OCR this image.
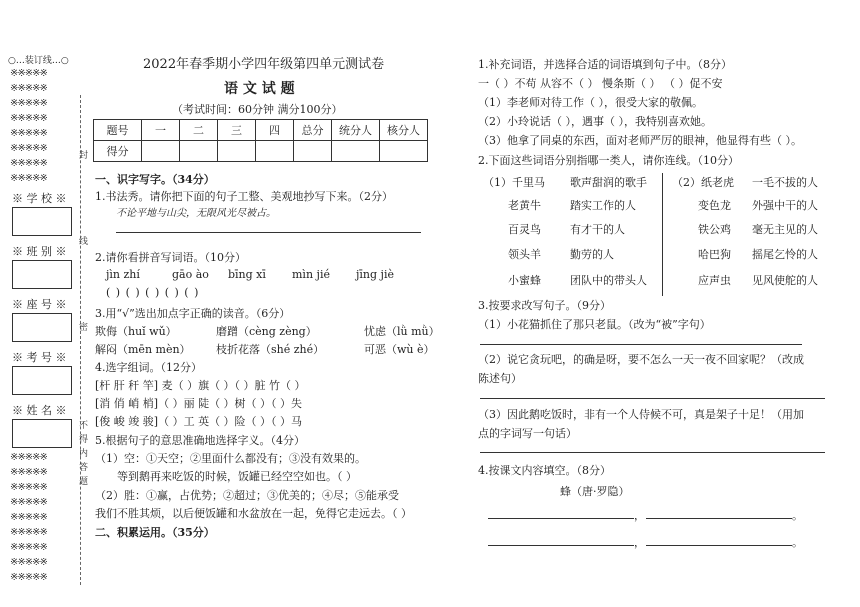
○…装订线…○
※※※※※
※※※※※
※※※※※
※※※※※
※※※※※
※※※※※
※※※※※
※※※※※
※ 学 校 ※
※ 班 别 ※
※ 座 号 ※
※ 考 号 ※
※ 姓 名 ※
※※※※※
※※※※※
※※※※※
※※※※※
※※※※※
※※※※※
※※※※※
※※※※※
※※※※※
封
线
密
不
得
内
答
题
2022年春季期小学四年级第四单元测试卷
语 文 试 题
（考试时间：60分钟 满分100分）
题号	一	二	三	四	总分	统分人	核分人
得分							
一、识字写字。（34分）
1.书法秀。请你把下面的句子工整、美观地抄写下来。（2分）
不论平地与山尖，无限风光尽被占。
2.请你看拼音写词语。（10分）
jìn zhí	gāo ào bīng xī mìn jié jīng jiè
( ) ( ) ( ) ( ) ( )
3.用“√”选出加点字正确的读音。（6分）
欺侮（huǐ wǔ）	磨蹭（cèng zèng）	忧虑（lǜ mǜ）
解闷（mēn mèn） 枝折花落（shé zhé）	可恶（wù è）
4.选字组词。（12分）
[杆 肝 秆 竿] 麦（ ）旗（ ）（ ）脏 竹（ ）
[消 俏 峭 梢]（ ）丽 陡（ ）树（ ）（ ）失
[俊 峻 竣 骏]（ ）工 英（ ）险（ ）（ ）马
5.根据句子的意思准确地选择字义。（4分）
（1）空：①天空；②里面什么都没有；③没有效果的。
等到鹅再来吃饭的时候，饭罐已经空空如也。（ ）
（2）胜：①赢，占优势；②超过；③优美的；④尽；⑤能承受
我们不胜其烦，以后便饭罐和水盆放在一起，免得它走远去。（ ）
二、积累运用。（35分）
1.补充词语，并选择合适的词语填到句子中。（8分）
一（ ）不苟 从容不（ ） 慢条斯（ ） （ ）促不安
（1）李老师对待工作（ ），很受大家的敬佩。
（2）小玲说话（ ），遇事（ ），我特别喜欢她。
（3）他拿了同桌的东西，面对老师严厉的眼神，他显得有些（ ）。
2.下面这些词语分别指哪一类人，请你连线。（10分）
（1）千里马
老黄牛
百灵鸟
领头羊
小蜜蜂
歌声甜润的歌手
踏实工作的人
有才干的人
勤劳的人
团队中的带头人
（2）纸老虎
变色龙
铁公鸡
哈巴狗
应声虫
一毛不拔的人
外强中干的人
毫无主见的人
摇尾乞怜的人
见风使舵的人
3.按要求改写句子。（9分）
（1）小花猫抓住了那只老鼠。（改为“被”字句）
（2）说它贪玩吧，的确是呀，要不怎么一天一夜不回家呢？（改成
陈述句）
（3）因此鹅吃饭时，非有一个人侍候不可，真是架子十足！（用加
点的字词写一句话）
4.按课文内容填空。（8分）
蜂（唐·罗隐）
，	。
，	。
